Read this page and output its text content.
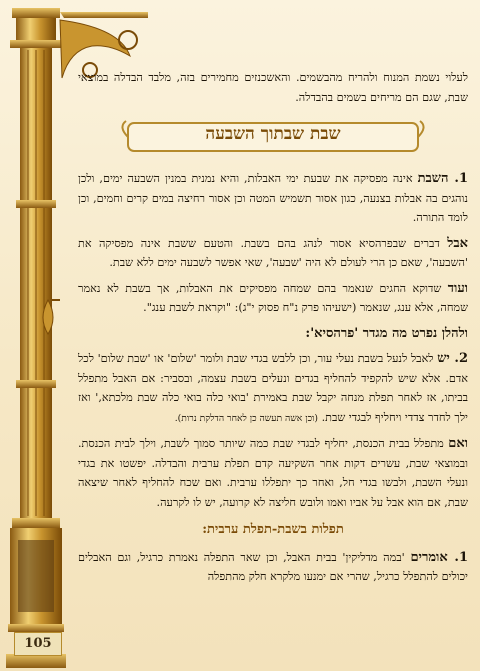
105

לעלוי נשמת המנוח ולהריח מהבשמים. והאשכנזים מחמירים בזה, מלבד הבדלה במוצאי שבת, שגם הם מריחים בשמים בהבדלה.

שבת שבתוך השבעה

1. השבת אינה מפסיקה את שבעת ימי האבלות, והיא נמנית במנין השבעה ימים, ולכן נוהגים בה אבלות בצנעה, כגון אסור תשמיש המטה וכן אסור רחיצה במים קרים וחמים, וכן לומד התורה.

אבל דברים שבפרהסיא אסור לנהג בהם בשבת. והטעם ששבת אינה מפסיקה את 'השבעה', שאם כן הרי לעולם לא היה 'שבעה', שאי אפשר לשבעה ימים ללא שבת.

ועוד שדוקא החגים שנאמר בהם שמחה מפסיקים את האבלות, אך בשבת לא נאמר שמחה, אלא ענג, שנאמר (ישעיהו פרק נ"ח פסוק י"ג): "וקראת לשבת ענג".

ולהלן נפרט מה מגדר 'פרהסיא':

2. יש לאבל לנעל בשבת נעלי עור, וכן ללבש בגדי שבת ולומר 'שלום' או 'שבת שלום' לכל אדם. אלא שיש להקפיד להחליף בגדים ונעלים בשבת עצמה, ובסביר: אם האבל מתפלל בביתו, אז לאחר תפלת מנחה יקבל שבת באמירת 'בואי כלה בואי כלה שבת מלכתא,' ואז ילך לחדר צדדי ויחליף לבגדי שבת. (וכן אשה תעשה כן לאחר הדלקת נרות).

ואם מתפלל בבית הכנסת, יחליף לבגדי שבת כמה שיותר סמוך לשבת, וילך לבית הכנסת. ובמוצאי שבת, עשרים דקות אחר השקיעה קדם תפלת ערבית והבדלה. יפשטו את בגדי ונעלי השבת, ולבשו בגדי חל, ואחר כך יתפללו ערבית. ואם שכח להחליף לאחר שיצאה שבת, אם הוא אבל על אביו ואמו ולובש חליצה לא קרועה, יש לו לקרעה.

תפלות בשבת-תפלת ערבית:

1. אומרים 'במה מדליקין' בבית האבל, וכן שאר התפלה נאמרת כרגיל, וגם האבלים יכולים להתפלל כרגיל, שהרי אם ימנעו מלקרא חלק מהתפלה
